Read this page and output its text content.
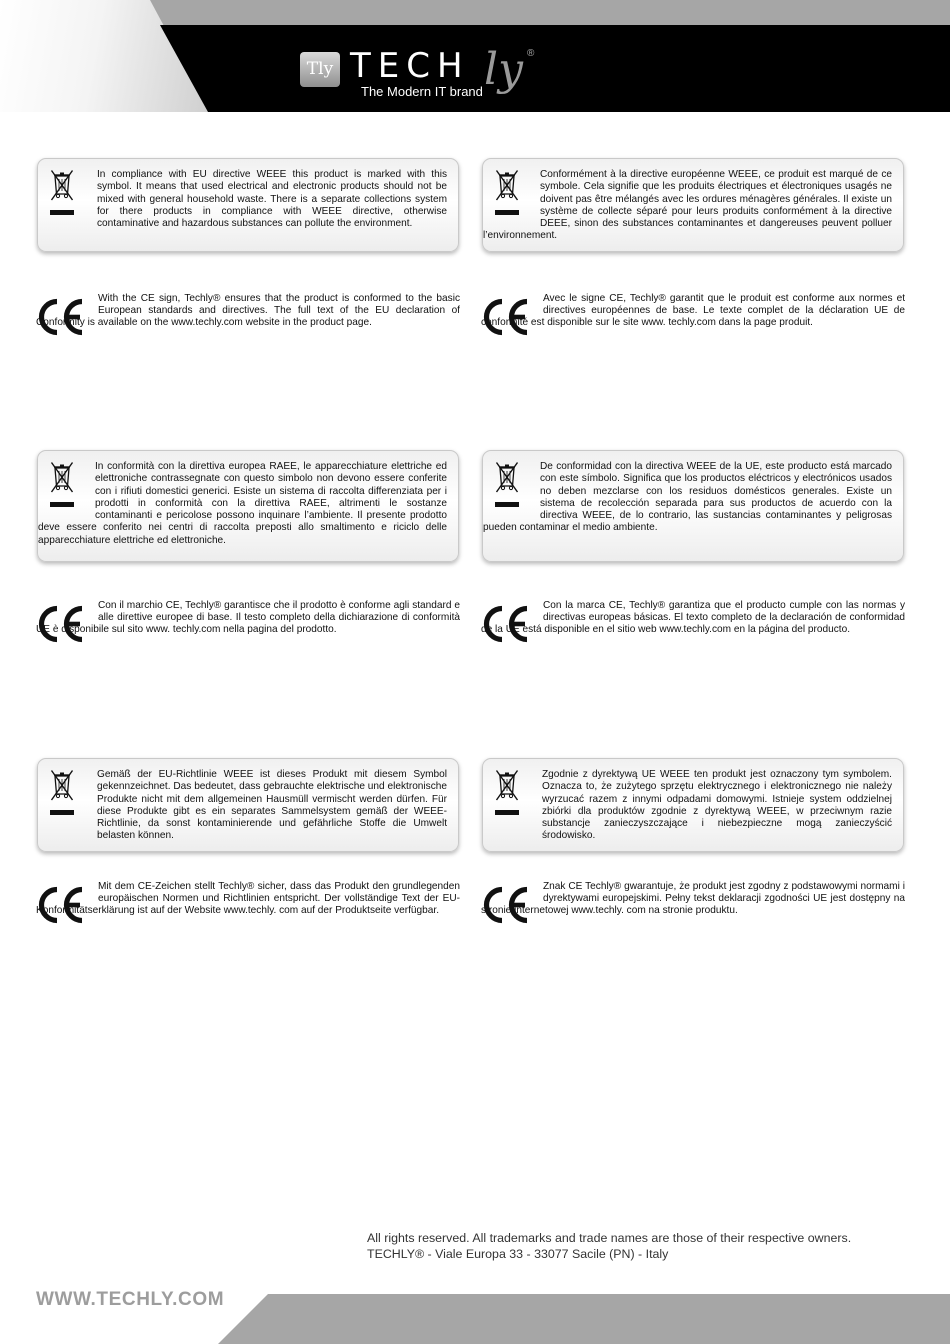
Tly TECH ly ®
The Modern IT brand
In compliance with EU directive WEEE this product is marked with this symbol. It means that used electrical and electronic products should not be mixed with general household waste. There is a separate collections system for there products in compliance with WEEE directive, otherwise contaminative and hazardous substances can pollute the environment.
Conformément à la directive européenne WEEE, ce produit est marqué de ce symbole. Cela signifie que les produits électriques et électroniques usagés ne doivent pas être mélangés avec les ordures ménagères générales. Il existe un système de collecte séparé pour leurs produits conformément à la directive DEEE, sinon des substances contaminantes et dangereuses peuvent polluer l’environnement.
With the CE sign, Techly® ensures that the product is conformed to the basic European standards and directives. The full text of the EU declaration of Conformity is available on the www.techly.com website in the product page.
Avec le signe CE, Techly® garantit que le produit est conforme aux normes et directives européennes de base. Le texte complet de la déclaration UE de conformité est disponible sur le site www. techly.com dans la page produit.
In conformità con la direttiva europea RAEE, le apparecchiature elettriche ed elettroniche contrassegnate con questo simbolo non devono essere conferite con i rifiuti domestici generici. Esiste un sistema di raccolta differenziata per i prodotti in conformità con la direttiva RAEE, altrimenti le sostanze contaminanti e pericolose possono inquinare l’ambiente. Il presente prodotto deve essere conferito nei centri di raccolta preposti allo smaltimento e riciclo delle apparecchiature elettriche ed elettroniche.
De conformidad con la directiva WEEE de la UE, este producto está marcado con este símbolo. Significa que los productos eléctricos y electrónicos usados no deben mezclarse con los residuos domésticos generales. Existe un sistema de recolección separada para sus productos de acuerdo con la directiva WEEE, de lo contrario, las sustancias contaminantes y peligrosas pueden contaminar el medio ambiente.
Con il marchio CE, Techly® garantisce che il prodotto è conforme agli standard e alle direttive europee di base. Il testo completo della dichiarazione di conformità UE è disponibile sul sito www. techly.com nella pagina del prodotto.
Con la marca CE, Techly® garantiza que el producto cumple con las normas y directivas europeas básicas. El texto completo de la declaración de conformidad de la UE está disponible en el sitio web www.techly.com en la página del producto.
Gemäß der EU-Richtlinie WEEE ist dieses Produkt mit diesem Symbol gekennzeichnet. Das bedeutet, dass gebrauchte elektrische und elektronische Produkte nicht mit dem allgemeinen Hausmüll vermischt werden dürfen. Für diese Produkte gibt es ein separates Sammelsystem gemäß der WEEE-Richtlinie, da sonst kontaminierende und gefährliche Stoffe die Umwelt belasten können.
Zgodnie z dyrektywą UE WEEE ten produkt jest oznaczony tym symbolem. Oznacza to, że zużytego sprzętu elektrycznego i elektronicznego nie należy wyrzucać razem z innymi odpadami domowymi. Istnieje system oddzielnej zbiórki dla produktów zgodnie z dyrektywą WEEE, w przeciwnym razie substancje zanieczyszczające i niebezpieczne mogą zanieczyścić środowisko.
Mit dem CE-Zeichen stellt Techly® sicher, dass das Produkt den grundlegenden europäischen Normen und Richtlinien entspricht. Der vollständige Text der EU-Konformitätserklärung ist auf der Website www.techly. com auf der Produktseite verfügbar.
Znak CE Techly® gwarantuje, że produkt jest zgodny z podstawowymi normami i dyrektywami europejskimi. Pełny tekst deklaracji zgodności UE jest dostępny na stronie internetowej www.techly. com na stronie produktu.
All rights reserved. All trademarks and trade names are those of their respective owners.
TECHLY® - Viale Europa 33 - 33077 Sacile (PN) - Italy
WWW.TECHLY.COM
